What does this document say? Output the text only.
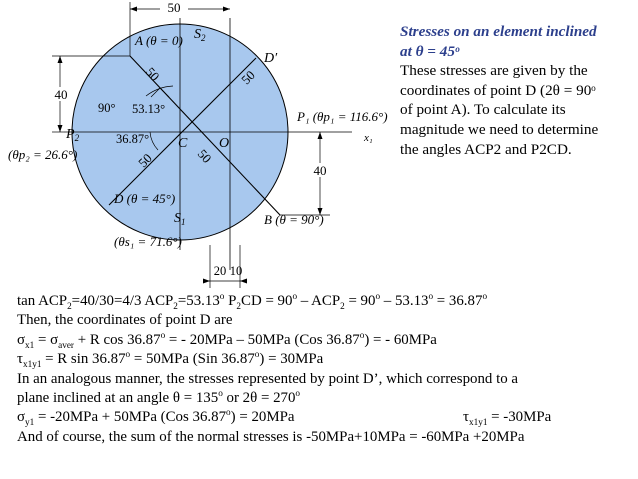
50
40
40
20 10
$S_2$
D′
A (θ = 0)
50	50
50	50
90° 53.13°
36.87°
$P_2$	C O
P₁ (θp₁ = 116.6°)
x₁
(θp₂ = 26.6°)
D (θ = 45°)
B (θ = 90°)
$S_1$
(θs₁ = 71.6°)
Stresses on an element inclined
at θ = 45ᵒ
These stresses are given by the
coordinates of point D (2θ = 90ᵒ
of point A). To calculate its
magnitude we need to determine
the angles ACP2 and P2CD.
$\tan ACP_2=40/30=4/3$ $ACP_2=53.13^o$ $P_2CD = 90^o - ACP_2 = 90^o - 53.13^o = 36.87^o$
Then, the coordinates of point D are
$\sigma_{x1} = \sigma_{aver} + R$ $\cos 36.87^o$ = - 20MPa – 50MPa (Cos $36.87^o$) = - 60MPa
$\tau_{x1y1} = R$ $\sin 36.87^o = 50MPa$ (Sin $36.87^o) = 30MPa$
In an analogous manner, the stresses represented by point D’, which correspond to a
plane inclined at an angle $\theta = 135^o$ or $2\theta = 270^o$
$\sigma_{y1} = -20MPa + 50MPa$ (Cos $36.87^o) = 20MPa$	$\tau_{x1y1} = -30MPa$
And of course, the sum of the normal stresses is -50MPa+10MPa = -60MPa +20MPa
